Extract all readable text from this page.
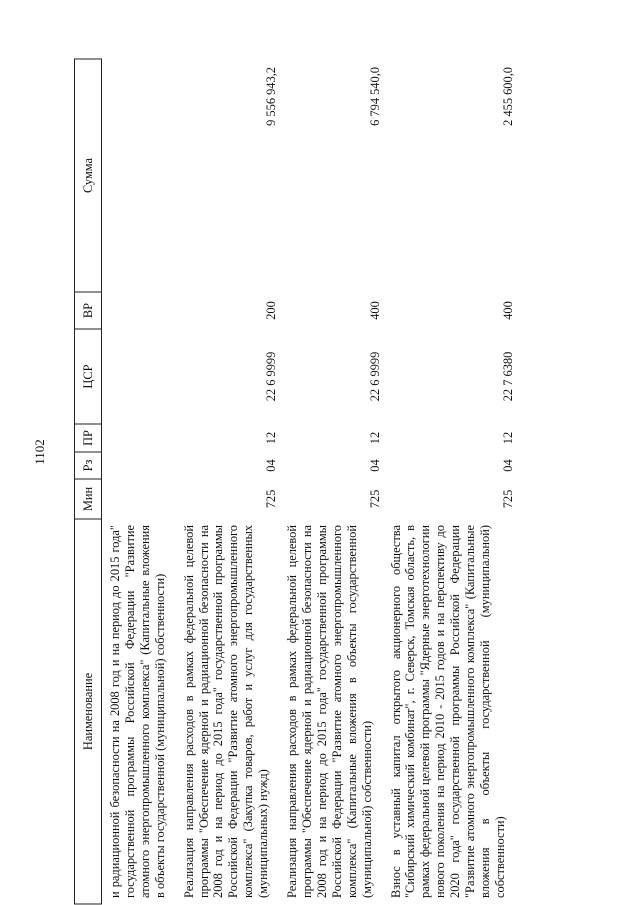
1102
Наименование	Мин	Рз	ПР	ЦСР	ВР	Сумма
и радиационной безопасности на 2008 год и на период до 2015 года" государственной программы Российской Федерации "Развитие атомного энергопромышленного комплекса" (Капитальные вложения в объекты государственной (муниципальной) собственности)						
Реализация направления расходов в рамках федеральной целевой программы "Обеспечение ядерной и радиационной безопасности на 2008 год и на период до 2015 года" государственной программы Российской Федерации "Развитие атомного энергопромышленного комплекса" (Закупка товаров, работ и услуг для государственных (муниципальных) нужд)	725	04	12	22 6 9999	200	9 556 943,2
Реализация направления расходов в рамках федеральной целевой программы "Обеспечение ядерной и радиационной безопасности на 2008 год и на период до 2015 года" государственной программы Российской Федерации "Развитие атомного энергопромышленного комплекса" (Капитальные вложения в объекты государственной (муниципальной) собственности)	725	04	12	22 6 9999	400	6 794 540,0
Взнос в уставный капитал открытого акционерного общества "Сибирский химический комбинат", г. Северск, Томская область, в рамках федеральной целевой программы "Ядерные энерготехнологии нового поколения на период 2010 - 2015 годов и на перспективу до 2020 года" государственной программы Российской Федерации "Развитие атомного энергопромышленного комплекса" (Капитальные вложения в объекты государственной (муниципальной) собственности)	725	04	12	22 7 6380	400	2 455 600,0
